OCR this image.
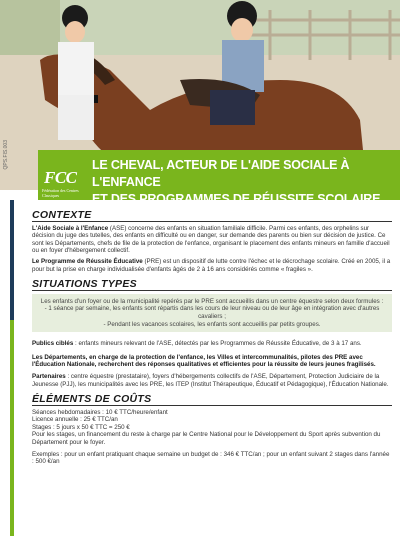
QPS.FIS.003
FCC
Fédération des Centres Classiques
LE CHEVAL, ACTEUR DE L'AIDE SOCIALE À L'ENFANCE
ET DES PROGRAMMES DE RÉUSSITE SCOLAIRE
CONTEXTE

L'Aide Sociale à l'Enfance (ASE) concerne des enfants en situation familiale difficile. Parmi ces enfants, des orphelins sur décision du juge des tutelles, des enfants en difficulté ou en danger, sur demande des parents ou bien sur décision de justice. Ce sont les Départements, chefs de file de la protection de l'enfance, organisant le placement des enfants mineurs en famille d'accueil ou en foyer d'hébergement collectif.

Le Programme de Réussite Éducative (PRE) est un dispositif de lutte contre l'échec et le décrochage scolaire. Créé en 2005, il a pour but la prise en charge individualisée d'enfants âgés de 2 à 16 ans considérés comme « fragiles ».

SITUATIONS TYPES
Les enfants d'un foyer ou de la municipalité repérés par le PRE sont accueillis dans un centre équestre selon deux formules :
- 1 séance par semaine, les enfants sont répartis dans les cours de leur niveau ou de leur âge en intégration avec d'autres cavaliers ;
- Pendant les vacances scolaires, les enfants sont accueillis par petits groupes.

Publics ciblés : enfants mineurs relevant de l'ASE, détectés par les Programmes de Réussite Éducative, de 3 à 17 ans.

Les Départements, en charge de la protection de l'enfance, les Villes et intercommunalités, pilotes des PRE avec l'Éducation Nationale, recherchent des réponses qualitatives et efficientes pour la réussite de leurs jeunes fragilisés.

Partenaires : centre équestre (prestataire), foyers d'hébergements collectifs de l'ASE, Département, Protection Judiciaire de la Jeunesse (PJJ), les municipalités avec les PRE, les ITEP (Institut Thérapeutique, Éducatif et Pédagogique), l'Éducation Nationale.

ÉLÉMENTS DE COÛTS
Séances hebdomadaires : 10 € TTC/heure/enfant
Licence annuelle : 25 € TTC/an
Stages : 5 jours x 50 € TTC = 250 €

Pour les stages, un financement du reste à charge par le Centre National pour le Développement du Sport après subvention du Département pour le foyer.

Exemples : pour un enfant pratiquant chaque semaine un budget de : 346 € TTC/an ; pour un enfant suivant 2 stages dans l'année : 500 €/an
